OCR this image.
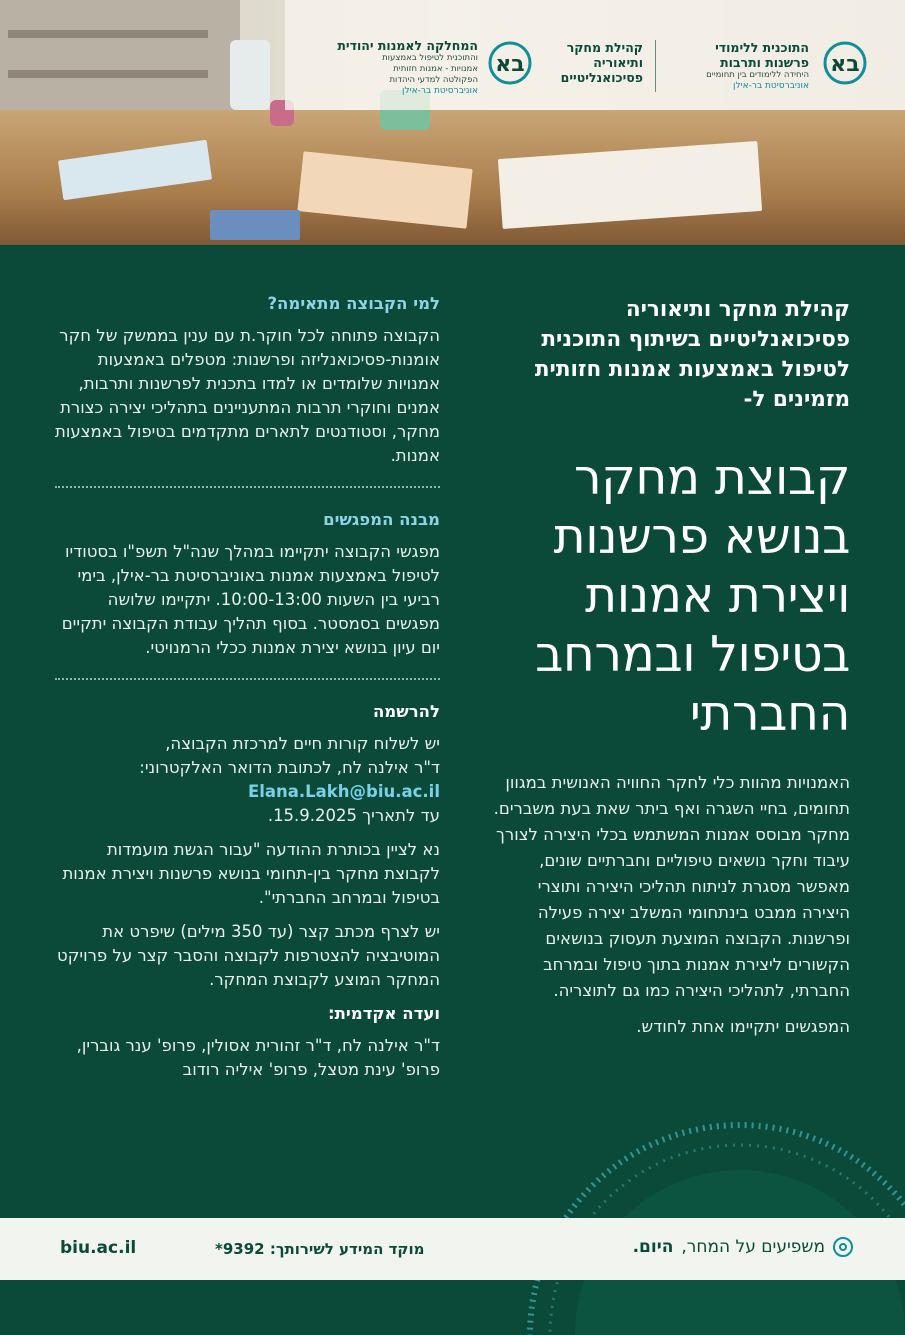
בא
התוכנית ללימודי
פרשנות ותרבות
היחידה ללימודים בין תחומיים
אוניברסיטת בר-אילן
קהילת מחקר
ותיאוריה
פסיכואנליטיים
בא
המחלקה לאמנות יהודית
והתוכנית לטיפול באמצעות
אמנויות - אמנות חזותית
הפקולטה למדעי היהדות
אוניברסיטת בר-אילן
קהילת מחקר ותיאוריה פסיכואנליטיים בשיתוף התוכנית לטיפול באמצעות אמנות חזותית מזמינים ל-
קבוצת מחקר
בנושא פרשנות
ויצירת אמנות
בטיפול ובמרחב
החברתי

האמנויות מהוות כלי לחקר החוויה האנושית במגוון תחומים, בחיי השגרה ואף ביתר שאת בעת משברים. מחקר מבוסס אמנות המשתמש בכלי היצירה לצורך עיבוד וחקר נושאים טיפוליים וחברתיים שונים, מאפשר מסגרת לניתוח תהליכי היצירה ותוצרי היצירה ממבט בינתחומי המשלב יצירה פעילה ופרשנות. הקבוצה המוצעת תעסוק בנושאים הקשורים ליצירת אמנות בתוך טיפול ובמרחב החברתי, לתהליכי היצירה כמו גם לתוצריה.

המפגשים יתקיימו אחת לחודש.

למי הקבוצה מתאימה?

הקבוצה פתוחה לכל חוקר.ת עם ענין בממשק של חקר אומנות-פסיכואנליזה ופרשנות: מטפלים באמצעות אמנויות שלומדים או למדו בתכנית לפרשנות ותרבות, אמנים וחוקרי תרבות המתעניינים בתהליכי יצירה כצורת מחקר, וסטודנטים לתארים מתקדמים בטיפול באמצעות אמנות.

מבנה המפגשים

מפגשי הקבוצה יתקיימו במהלך שנה"ל תשפ"ו בסטודיו לטיפול באמצעות אמנות באוניברסיטת בר-אילן, בימי רביעי בין השעות 10:00-13:00. יתקיימו שלושה מפגשים בסמסטר. בסוף תהליך עבודת הקבוצה יתקיים יום עיון בנושא יצירת אמנות ככלי הרמנויטי.

להרשמה
יש לשלוח קורות חיים למרכזת הקבוצה,
ד"ר אילנה לח, לכתובת הדואר האלקטרוני:
Elana.Lakh@biu.ac.il

עד לתאריך 15.9.2025.

נא לציין בכותרת ההודעה "עבור הגשת מועמדות לקבוצת מחקר בין-תחומי בנושא פרשנות ויצירת אמנות בטיפול ובמרחב החברתי".

יש לצרף מכתב קצר (עד 350 מילים) שיפרט את המוטיבציה להצטרפות לקבוצה והסבר קצר על פרויקט המחקר המוצע לקבוצת המחקר.

ועדה אקדמית:
ד"ר אילנה לח, ד"ר זהורית אסולין, פרופ' ענר גוברין, פרופ' עינת מטצל, פרופ' איליה רודוב
biu.ac.il	מוקד המידע לשירותך: 9392*	משפיעים על המחר,
היום.
